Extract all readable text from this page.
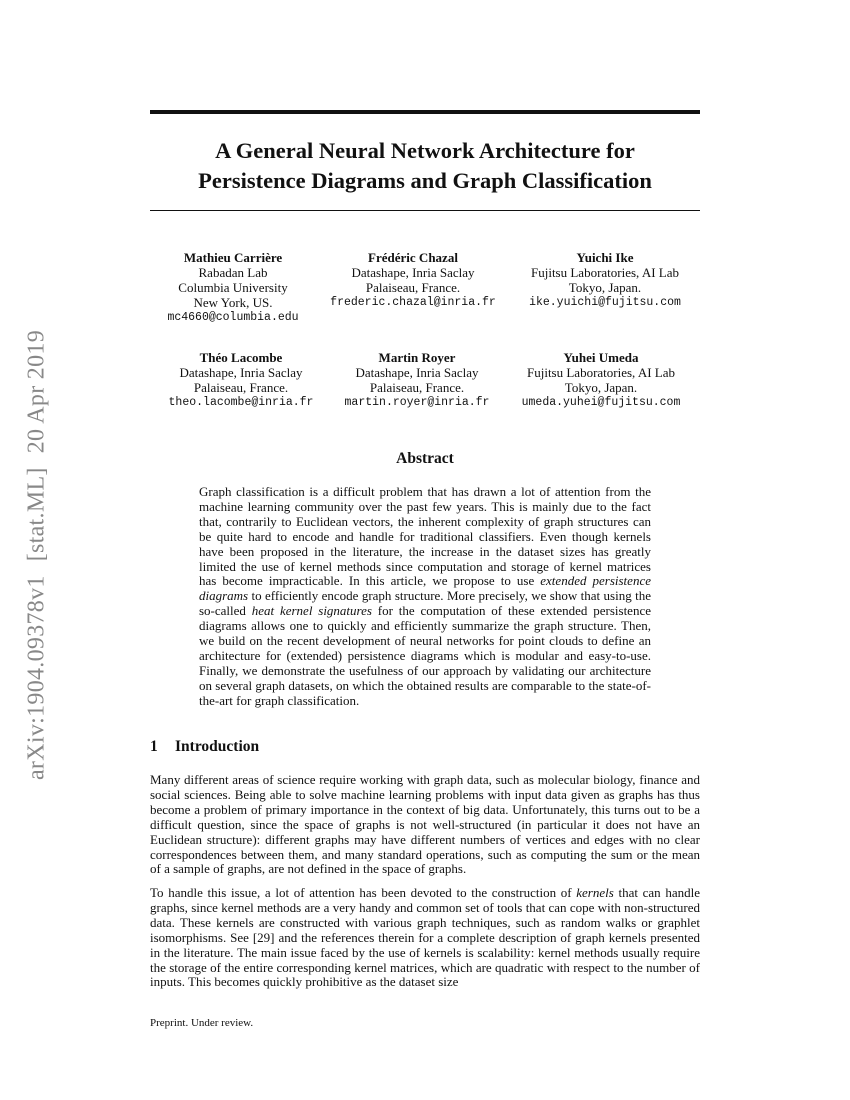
arXiv:1904.09378v1[stat.ML]20 Apr 2019
A General Neural Network Architecture for
Persistence Diagrams and Graph Classification
Mathieu Carrière
Rabadan Lab
Columbia University
New York, US.
mc4660@columbia.edu
Frédéric Chazal
Datashape, Inria Saclay
Palaiseau, France.
frederic.chazal@inria.fr
Yuichi Ike
Fujitsu Laboratories, AI Lab
Tokyo, Japan.
ike.yuichi@fujitsu.com
Théo Lacombe
Datashape, Inria Saclay
Palaiseau, France.
theo.lacombe@inria.fr
Martin Royer
Datashape, Inria Saclay
Palaiseau, France.
martin.royer@inria.fr
Yuhei Umeda
Fujitsu Laboratories, AI Lab
Tokyo, Japan.
umeda.yuhei@fujitsu.com
Abstract
Graph classification is a difficult problem that has drawn a lot of attention from the machine learning community over the past few years. This is mainly due to the fact that, contrarily to Euclidean vectors, the inherent complexity of graph structures can be quite hard to encode and handle for traditional classifiers. Even though kernels have been proposed in the literature, the increase in the dataset sizes has greatly limited the use of kernel methods since computation and storage of kernel matrices has become impracticable. In this article, we propose to use extended persistence diagrams to efficiently encode graph structure. More precisely, we show that using the so-called heat kernel signatures for the computation of these extended persistence diagrams allows one to quickly and efficiently summarize the graph structure. Then, we build on the recent development of neural networks for point clouds to define an architecture for (extended) persistence diagrams which is modular and easy-to-use. Finally, we demonstrate the usefulness of our approach by validating our architecture on several graph datasets, on which the obtained results are comparable to the state-of-the-art for graph classification.
1 Introduction
Many different areas of science require working with graph data, such as molecular biology, finance and social sciences. Being able to solve machine learning problems with input data given as graphs has thus become a problem of primary importance in the context of big data. Unfortunately, this turns out to be a difficult question, since the space of graphs is not well-structured (in particular it does not have an Euclidean structure): different graphs may have different numbers of vertices and edges with no clear correspondences between them, and many standard operations, such as computing the sum or the mean of a sample of graphs, are not defined in the space of graphs.
To handle this issue, a lot of attention has been devoted to the construction of kernels that can handle graphs, since kernel methods are a very handy and common set of tools that can cope with non-structured data. These kernels are constructed with various graph techniques, such as random walks or graphlet isomorphisms. See [29] and the references therein for a complete description of graph kernels presented in the literature. The main issue faced by the use of kernels is scalability: kernel methods usually require the storage of the entire corresponding kernel matrices, which are quadratic with respect to the number of inputs. This becomes quickly prohibitive as the dataset size
Preprint. Under review.
